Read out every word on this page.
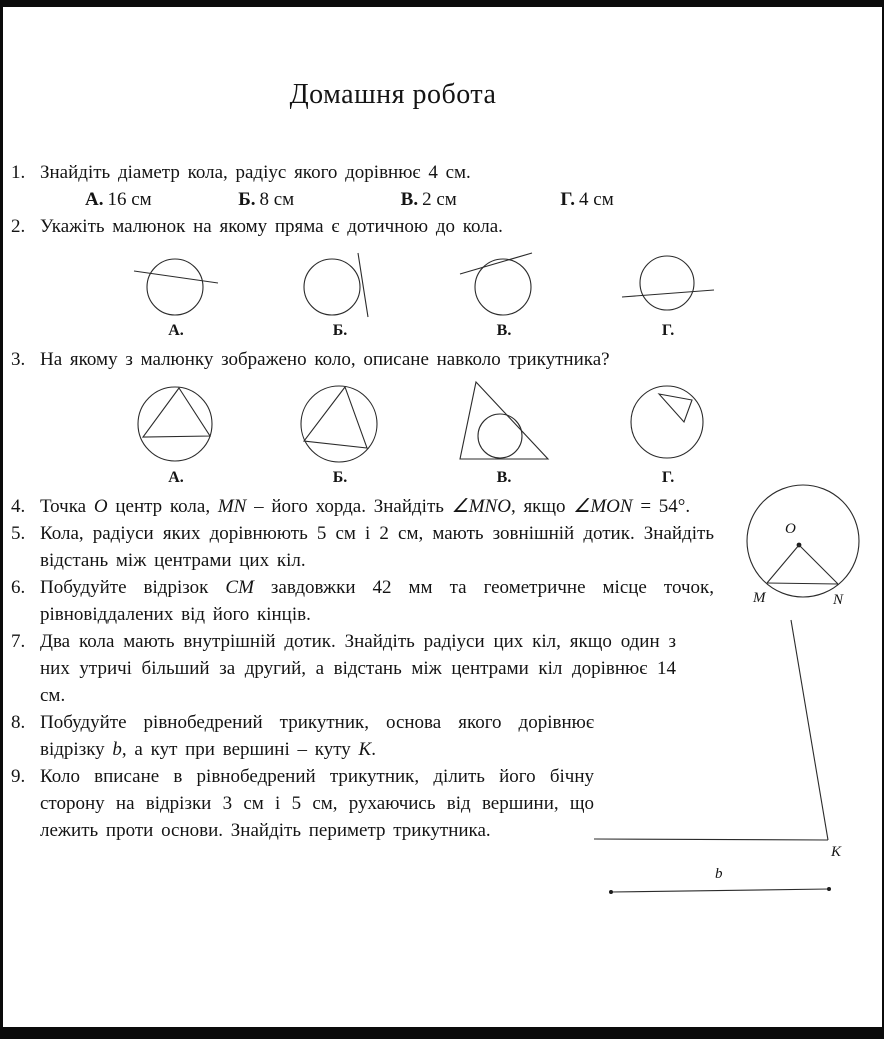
Домашня робота
1. Знайдіть діаметр кола, радіус якого дорівнює 4 см.
А. 16 см	Б. 8 см	В. 2 см	Г. 4 см
2. Укажіть малюнок на якому пряма є дотичною до кола.
А.	Б.	В.	Г.
3. На якому з малюнку зображено коло, описане навколо трикутника?
А.	Б.	В.	Г.
4. Точка O центр кола, MN – його хорда. Знайдіть ∠MNO, якщо ∠MON = 54°.
5. Кола, радіуси яких дорівнюють 5 см і 2 см, мають зовнішній дотик. Знайдіть відстань між центрами цих кіл.
6. Побудуйте відрізок CM завдовжки 42 мм та геометричне місце точок, рівновіддалених від його кінців.
7. Два кола мають внутрішній дотик. Знайдіть радіуси цих кіл, якщо один з них утричі більший за другий, а відстань між центрами кіл дорівнює 14 см.
8. Побудуйте рівнобедрений трикутник, основа якого дорівнює відрізку b, а кут при вершині – куту K.
9. Коло вписане в рівнобедрений трикутник, ділить його бічну сторону на відрізки 3 см і 5 см, рухаючись від вершини, що лежить проти основи. Знайдіть периметр трикутника.
O
M	N
K
b
